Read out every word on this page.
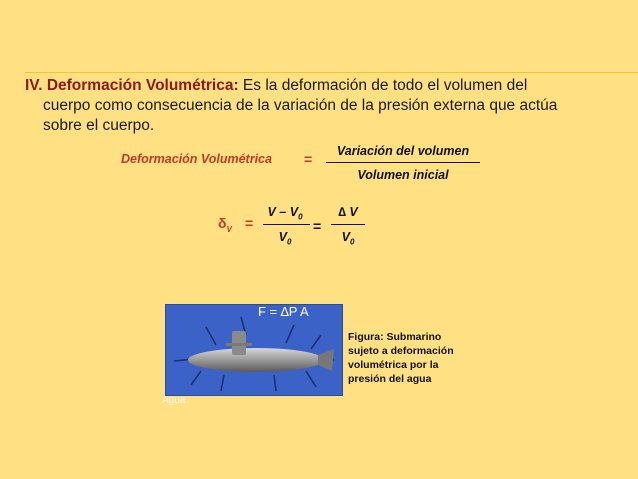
IV. Deformación Volumétrica: Es la deformación de todo el volumen del
cuerpo como consecuencia de la variación de la presión externa que actúa
sobre el cuerpo.
Deformación Volumétrica =	Variación del volumen
Volumen inicial
$\delta_V$ =
V – $V_0$
$V_0$
=
∆ V
$V_0$
F = ∆P A
Agua
Figura: Submarino
sujeto a deformación
volumétrica por la
presión del agua
